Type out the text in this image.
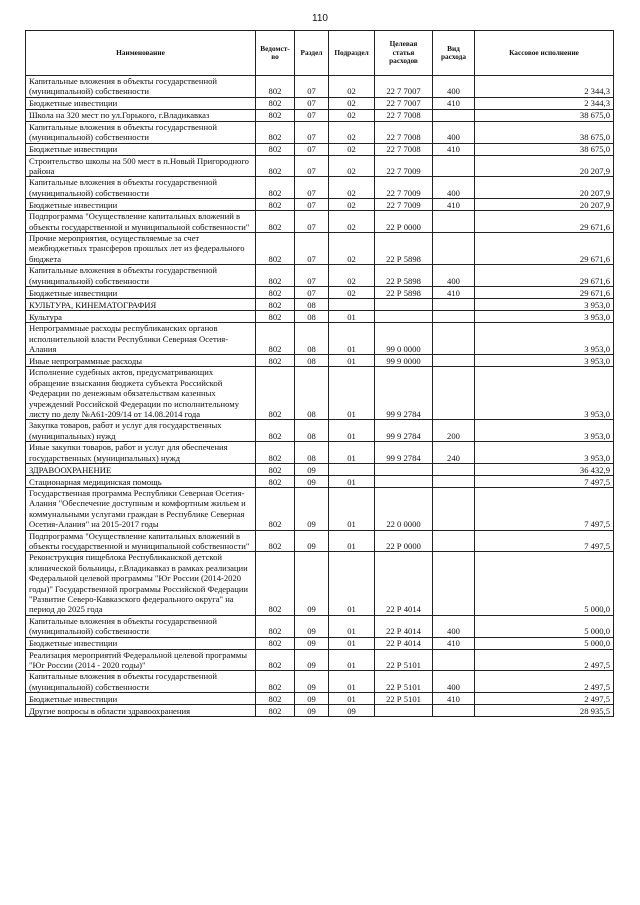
110
Наименование	Ведомст-во	Раздел	Подраздел	Целевая статья расходов	Вид расхода	Кассовое исполнение
Капитальные вложения в объекты государственной (муниципальной) собственности	802	07	02	22 7 7007	400	2 344,3
Бюджетные инвестиции	802	07	02	22 7 7007	410	2 344,3
Школа на 320 мест по ул.Горького, г.Владикавказ	802	07	02	22 7 7008		38 675,0
Капитальные вложения в объекты государственной (муниципальной) собственности	802	07	02	22 7 7008	400	38 675,0
Бюджетные инвестиции	802	07	02	22 7 7008	410	38 675,0
Строительство школы на 500 мест в п.Новый Пригородного района	802	07	02	22 7 7009		20 207,9
Капитальные вложения в объекты государственной (муниципальной) собственности	802	07	02	22 7 7009	400	20 207,9
Бюджетные инвестиции	802	07	02	22 7 7009	410	20 207,9
Подпрограмма "Осуществление капитальных вложений в объекты государственной и муниципальной собственности"	802	07	02	22 Р 0000		29 671,6
Прочие мероприятия, осуществляемые за счет межбюджетных трансферов прошлых лет из федерального бюджета	802	07	02	22 Р 5898		29 671,6
Капитальные вложения в объекты государственной (муниципальной) собственности	802	07	02	22 Р 5898	400	29 671,6
Бюджетные инвестиции	802	07	02	22 Р 5898	410	29 671,6
КУЛЬТУРА, КИНЕМАТОГРАФИЯ	802	08				3 953,0
Культура	802	08	01			3 953,0
Непрограммные расходы республиканских органов исполнительной власти Республики Северная Осетия-Алания	802	08	01	99 0 0000		3 953,0
Иные непрограммные расходы	802	08	01	99 9 0000		3 953,0
Исполнение судебных актов, предусматривающих обращение взыскания бюджета субъекта Российской Федерации по денежным обязательствам казенных учреждений Российской Федерации по исполнительному листу по делу №А61-209/14 от 14.08.2014 года	802	08	01	99 9 2784		3 953,0
Закупка товаров, работ и услуг для государственных (муниципальных) нужд	802	08	01	99 9 2784	200	3 953,0
Иные закупки товаров, работ и услуг для обеспечения государственных (муниципальных) нужд	802	08	01	99 9 2784	240	3 953,0
ЗДРАВООХРАНЕНИЕ	802	09				36 432,9
Стационарная медицинская помощь	802	09	01			7 497,5
Государственная программа Республики Северная Осетия-Алания "Обеспечение доступным и комфортным жильем и коммунальными услугами граждан в Республике Северная Осетия-Алания" на 2015-2017 годы	802	09	01	22 0 0000		7 497,5
Подпрограмма "Осуществление капитальных вложений в объекты государственной и муниципальной собственности"	802	09	01	22 Р 0000		7 497,5
Реконструкция пищеблока Республиканской детской клинической больницы, г.Владикавказ в рамках реализации Федеральной целевой программы "Юг России (2014-2020 годы)" Государственной программы Российской Федерации "Развитие Северо-Кавказского федерального округа" на период до 2025 года	802	09	01	22 Р 4014		5 000,0
Капитальные вложения в объекты государственной (муниципальной) собственности	802	09	01	22 Р 4014	400	5 000,0
Бюджетные инвестиции	802	09	01	22 Р 4014	410	5 000,0
Реализация мероприятий Федеральной целевой программы "Юг России (2014 - 2020 годы)"	802	09	01	22 Р 5101		2 497,5
Капитальные вложения в объекты государственной (муниципальной) собственности	802	09	01	22 Р 5101	400	2 497,5
Бюджетные инвестиции	802	09	01	22 Р 5101	410	2 497,5
Другие вопросы в области здравоохранения	802	09	09			28 935,5
